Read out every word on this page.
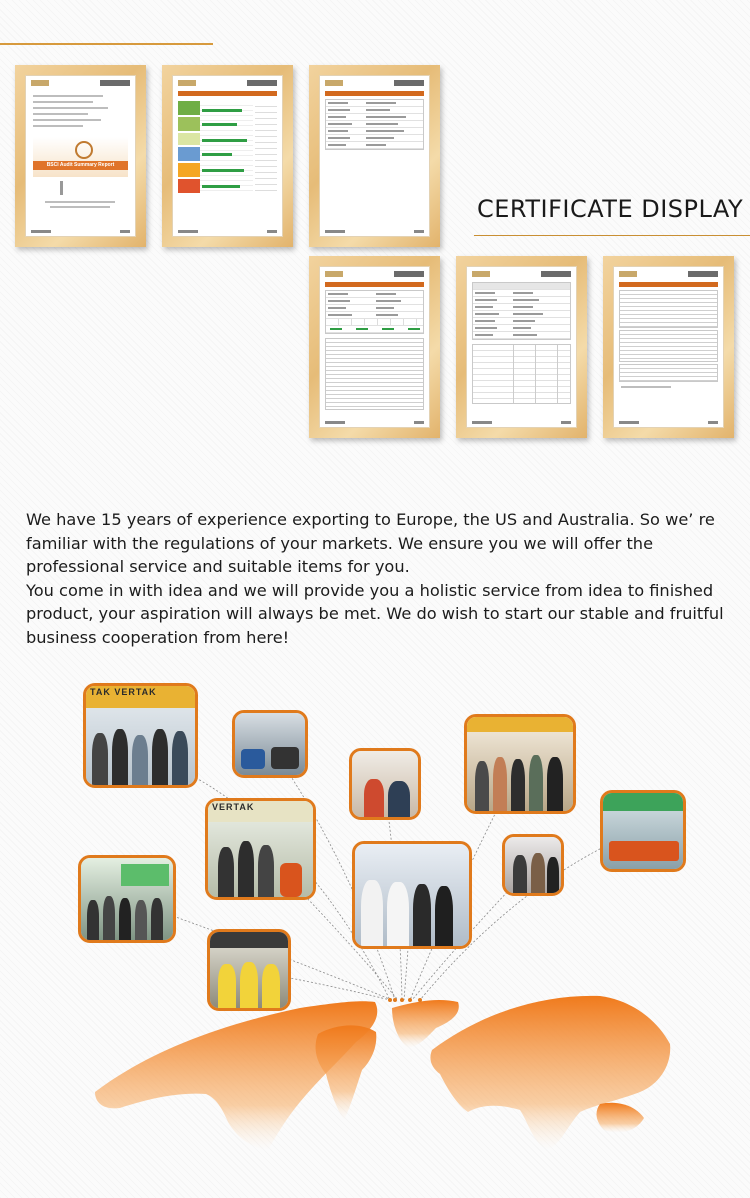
BSCI Audit Summary Report
CERTIFICATE DISPLAY

We have 15 years of experience exporting to Europe, the US and Australia. So we’ re familiar with the regulations of your markets. We ensure you we will offer the professional service and suitable items for you.

You come in with idea and we will provide you a holistic service from idea to finished product, your aspiration will always be met. We do wish to start our stable and fruitful business cooperation from here!

TAK VERTAK
VERTAK
